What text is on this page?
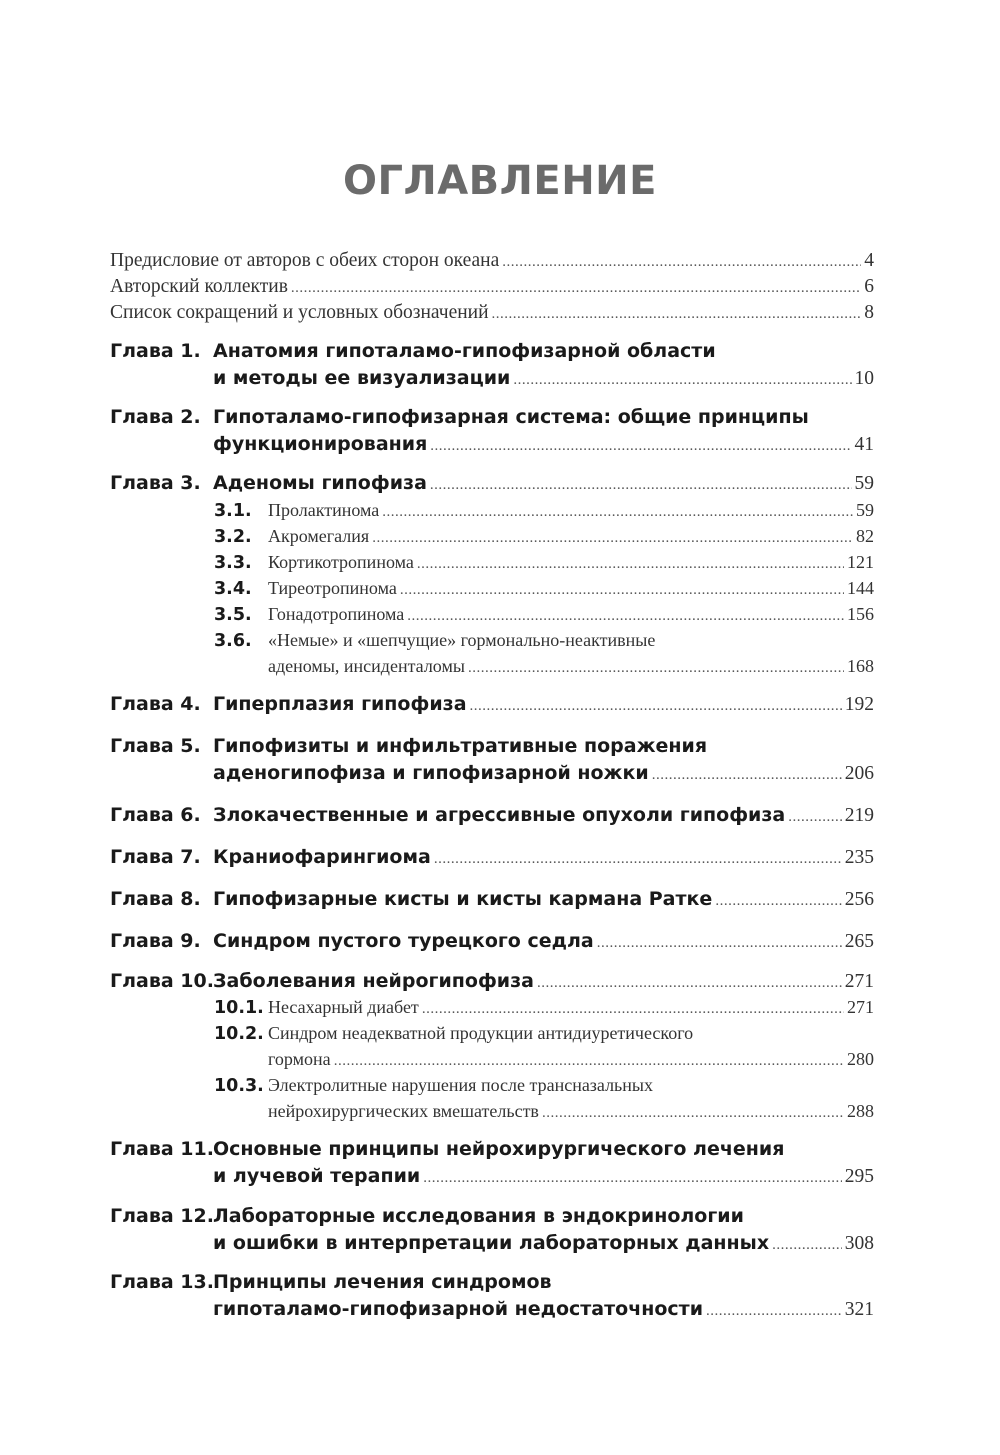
ОГЛАВЛЕНИЕ
Предисловие от авторов с обеих сторон океана .....	4
Авторский коллектив .....	6
Список сокращений и условных обозначений .....	8
Глава 1. Анатомия гипоталамо-гипофизарной области
и методы ее визуализации .....	10
Глава 2. Гипоталамо-гипофизарная система: общие принципы
функционирования .....	41
Глава 3. Аденомы гипофиза .....	59
3.1. Пролактинома .....	59
3.2. Акромегалия .....	82
3.3. Кортикотропинома .....	121
3.4. Тиреотропинома .....	144
3.5. Гонадотропинома .....	156
3.6. «Немые» и «шепчущие» гормонально-неактивные
аденомы, инсиденталомы .....	168
Глава 4. Гиперплазия гипофиза .....	192
Глава 5. Гипофизиты и инфильтративные поражения
аденогипофиза и гипофизарной ножки .....	206
Глава 6. Злокачественные и агрессивные опухоли гипофиза .....	219
Глава 7. Краниофарингиома .....	235
Глава 8. Гипофизарные кисты и кисты кармана Ратке .....	256
Глава 9. Синдром пустого турецкого седла .....	265
Глава 10. Заболевания нейрогипофиза .....	271
10.1. Несахарный диабет .....	271
10.2. Синдром неадекватной продукции антидиуретического
гормона .....	280
10.3. Электролитные нарушения после трансназальных
нейрохирургических вмешательств .....	288
Глава 11. Основные принципы нейрохирургического лечения
и лучевой терапии .....	295
Глава 12. Лабораторные исследования в эндокринологии
и ошибки в интерпретации лабораторных данных .....	308
Глава 13. Принципы лечения синдромов
гипоталамо-гипофизарной недостаточности .....	321
